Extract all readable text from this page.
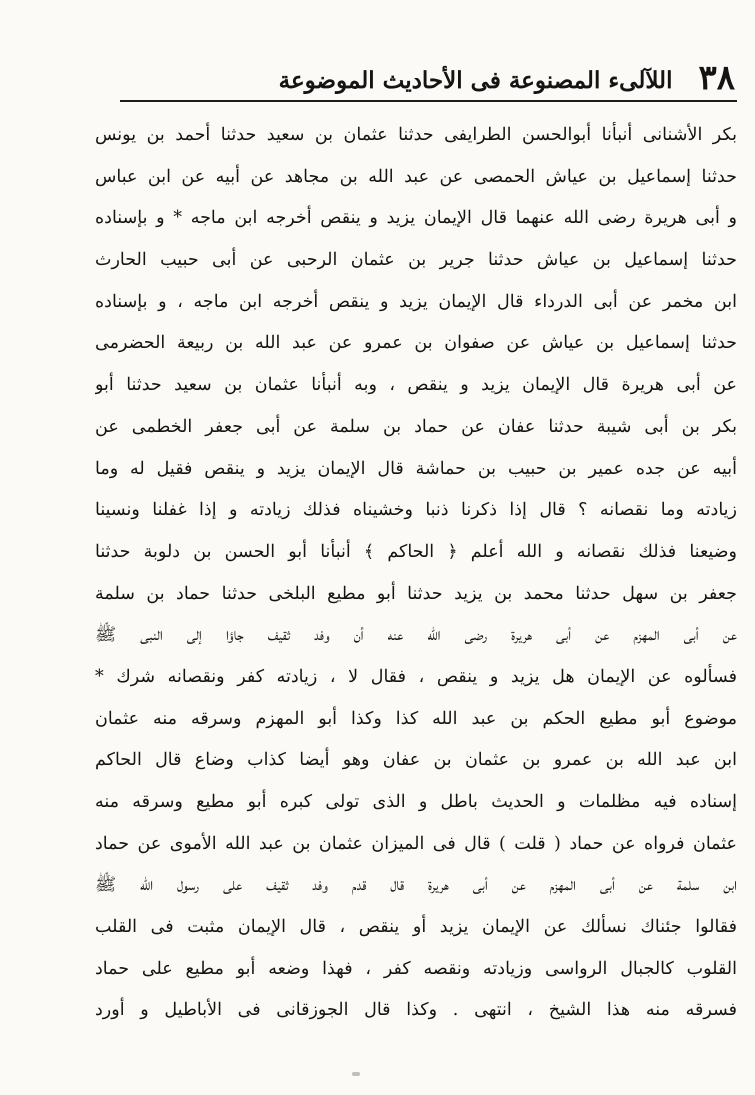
٣٨
اللآلىء المصنوعة فى الأحاديث الموضوعة
بكر الأشنانى أنبأنا أبوالحسن الطرايفى حدثنا عثمان بن سعيد حدثنا أحمد بن يونس
حدثنا إسماعيل بن عياش الحمصى عن عبد الله بن مجاهد عن أبيه عن ابن عباس
و أبى هريرة رضى الله عنهما قال الإيمان يزيد و ينقص أخرجه ابن ماجه * و بإسناده
حدثنا إسماعيل بن عياش حدثنا جرير بن عثمان الرحبى عن أبى حبيب الحارث
ابن مخمر عن أبى الدرداء قال الإيمان يزيد و ينقص أخرجه ابن ماجه ، و بإسناده
حدثنا إسماعيل بن عياش عن صفوان بن عمرو عن عبد الله بن ربيعة الحضرمى
عن أبى هريرة قال الإيمان يزيد و ينقص ، وبه أنبأنا عثمان بن سعيد حدثنا أبو
بكر بن أبى شيبة حدثنا عفان عن حماد بن سلمة عن أبى جعفر الخطمى عن
أبيه عن جده عمير بن حبيب بن حماشة قال الإيمان يزيد و ينقص فقيل له وما
زيادته وما نقصانه ؟ قال إذا ذكرنا ذنبا وخشيناه فذلك زيادته و إذا غفلنا ونسينا
وضيعنا فذلك نقصانه و الله أعلم ﴿ الحاكم ﴾ أنبأنا أبو الحسن بن دلوبة حدثنا
جعفر بن سهل حدثنا محمد بن يزيد حدثنا أبو مطيع البلخى حدثنا حماد بن سلمة
عن أبى المهزم عن أبى هريرة رضى الله عنه أن وفد ثقيف جاؤا إلى النبى ﷺ
فسألوه عن الإيمان هل يزيد و ينقص ، فقال لا ، زيادته كفر ونقصانه شرك *
موضوع أبو مطيع الحكم بن عبد الله كذا وكذا أبو المهزم وسرقه منه عثمان
ابن عبد الله بن عمرو بن عثمان بن عفان وهو أيضا كذاب وضاع قال الحاكم
إسناده فيه مظلمات و الحديث باطل و الذى تولى كبره أبو مطيع وسرقه منه
عثمان فرواه عن حماد ( قلت ) قال فى الميزان عثمان بن عبد الله الأموى عن حماد
ابن سلمة عن أبى المهزم عن أبى هريرة قال قدم وفد ثقيف على رسول الله ﷺ
فقالوا جئناك نسألك عن الإيمان يزيد أو ينقص ، قال الإيمان مثبت فى القلب
القلوب كالجبال الرواسى وزيادته ونقصه كفر ، فهذا وضعه أبو مطيع على حماد
فسرقه منه هذا الشيخ ، انتهى . وكذا قال الجوزقانى فى الأباطيل و أورد
